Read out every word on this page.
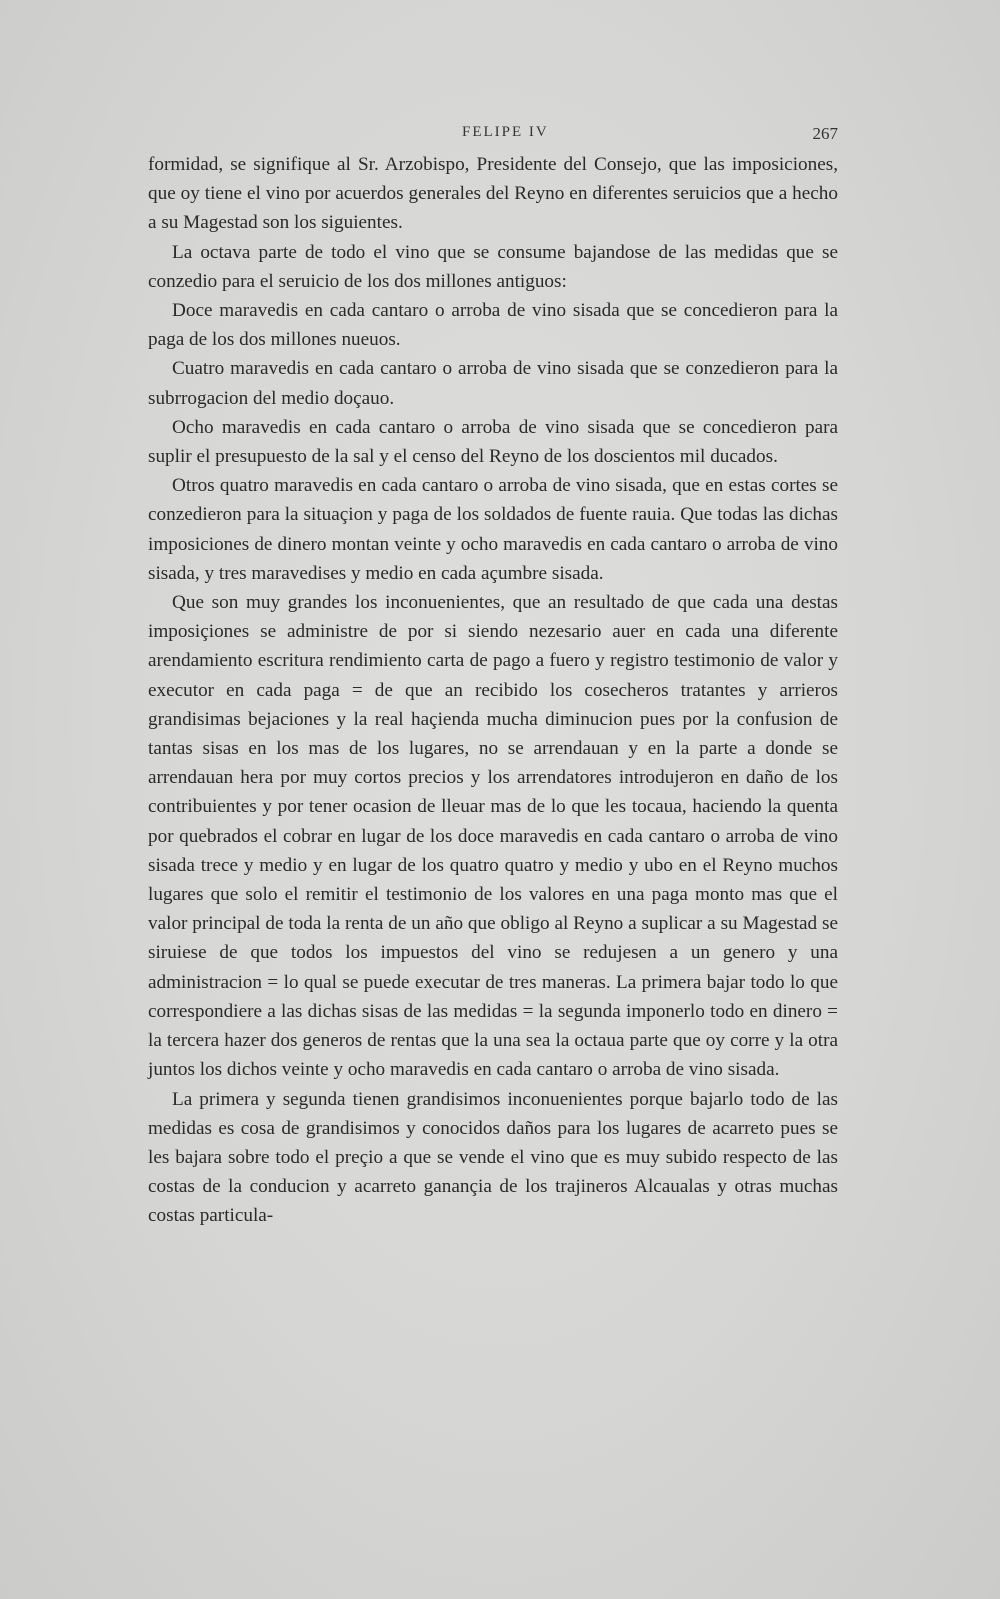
FELIPE IV	267

formidad, se signifique al Sr. Arzobispo, Presidente del Consejo, que las imposiciones, que oy tiene el vino por acuerdos generales del Reyno en diferentes seruicios que a hecho a su Magestad son los siguientes.

La octava parte de todo el vino que se consume bajandose de las medidas que se conzedio para el seruicio de los dos millones antiguos:

Doce maravedis en cada cantaro o arroba de vino sisada que se concedieron para la paga de los dos millones nueuos.

Cuatro maravedis en cada cantaro o arroba de vino sisada que se conzedieron para la subrrogacion del medio doçauo.

Ocho maravedis en cada cantaro o arroba de vino sisada que se concedieron para suplir el presupuesto de la sal y el censo del Reyno de los doscientos mil ducados.

Otros quatro maravedis en cada cantaro o arroba de vino sisada, que en estas cortes se conzedieron para la situaçion y paga de los soldados de fuente rauia. Que todas las dichas imposiciones de dinero montan veinte y ocho maravedis en cada cantaro o arroba de vino sisada, y tres maravedises y medio en cada açumbre sisada.

Que son muy grandes los inconuenientes, que an resultado de que cada una destas imposiçiones se administre de por si siendo nezesario auer en cada una diferente arendamiento escritura rendimiento carta de pago a fuero y registro testimonio de valor y executor en cada paga = de que an recibido los cosecheros tratantes y arrieros grandisimas bejaciones y la real haçienda mucha diminucion pues por la confusion de tantas sisas en los mas de los lugares, no se arrendauan y en la parte a donde se arrendauan hera por muy cortos precios y los arrendatores introdujeron en daño de los contribuientes y por tener ocasion de lleuar mas de lo que les tocaua, haciendo la quenta por quebrados el cobrar en lugar de los doce maravedis en cada cantaro o arroba de vino sisada trece y medio y en lugar de los quatro quatro y medio y ubo en el Reyno muchos lugares que solo el remitir el testimonio de los valores en una paga monto mas que el valor principal de toda la renta de un año que obligo al Reyno a suplicar a su Magestad se siruiese de que todos los impuestos del vino se redujesen a un genero y una administracion = lo qual se puede executar de tres maneras. La primera bajar todo lo que correspondiere a las dichas sisas de las medidas = la segunda imponerlo todo en dinero = la tercera hazer dos generos de rentas que la una sea la octaua parte que oy corre y la otra juntos los dichos veinte y ocho maravedis en cada cantaro o arroba de vino sisada.

La primera y segunda tienen grandisimos inconuenientes porque bajarlo todo de las medidas es cosa de grandisimos y conocidos daños para los lugares de acarreto pues se les bajara sobre todo el preçio a que se vende el vino que es muy subido respecto de las costas de la conducion y acarreto ganançia de los trajineros Alcaualas y otras muchas costas particula-
